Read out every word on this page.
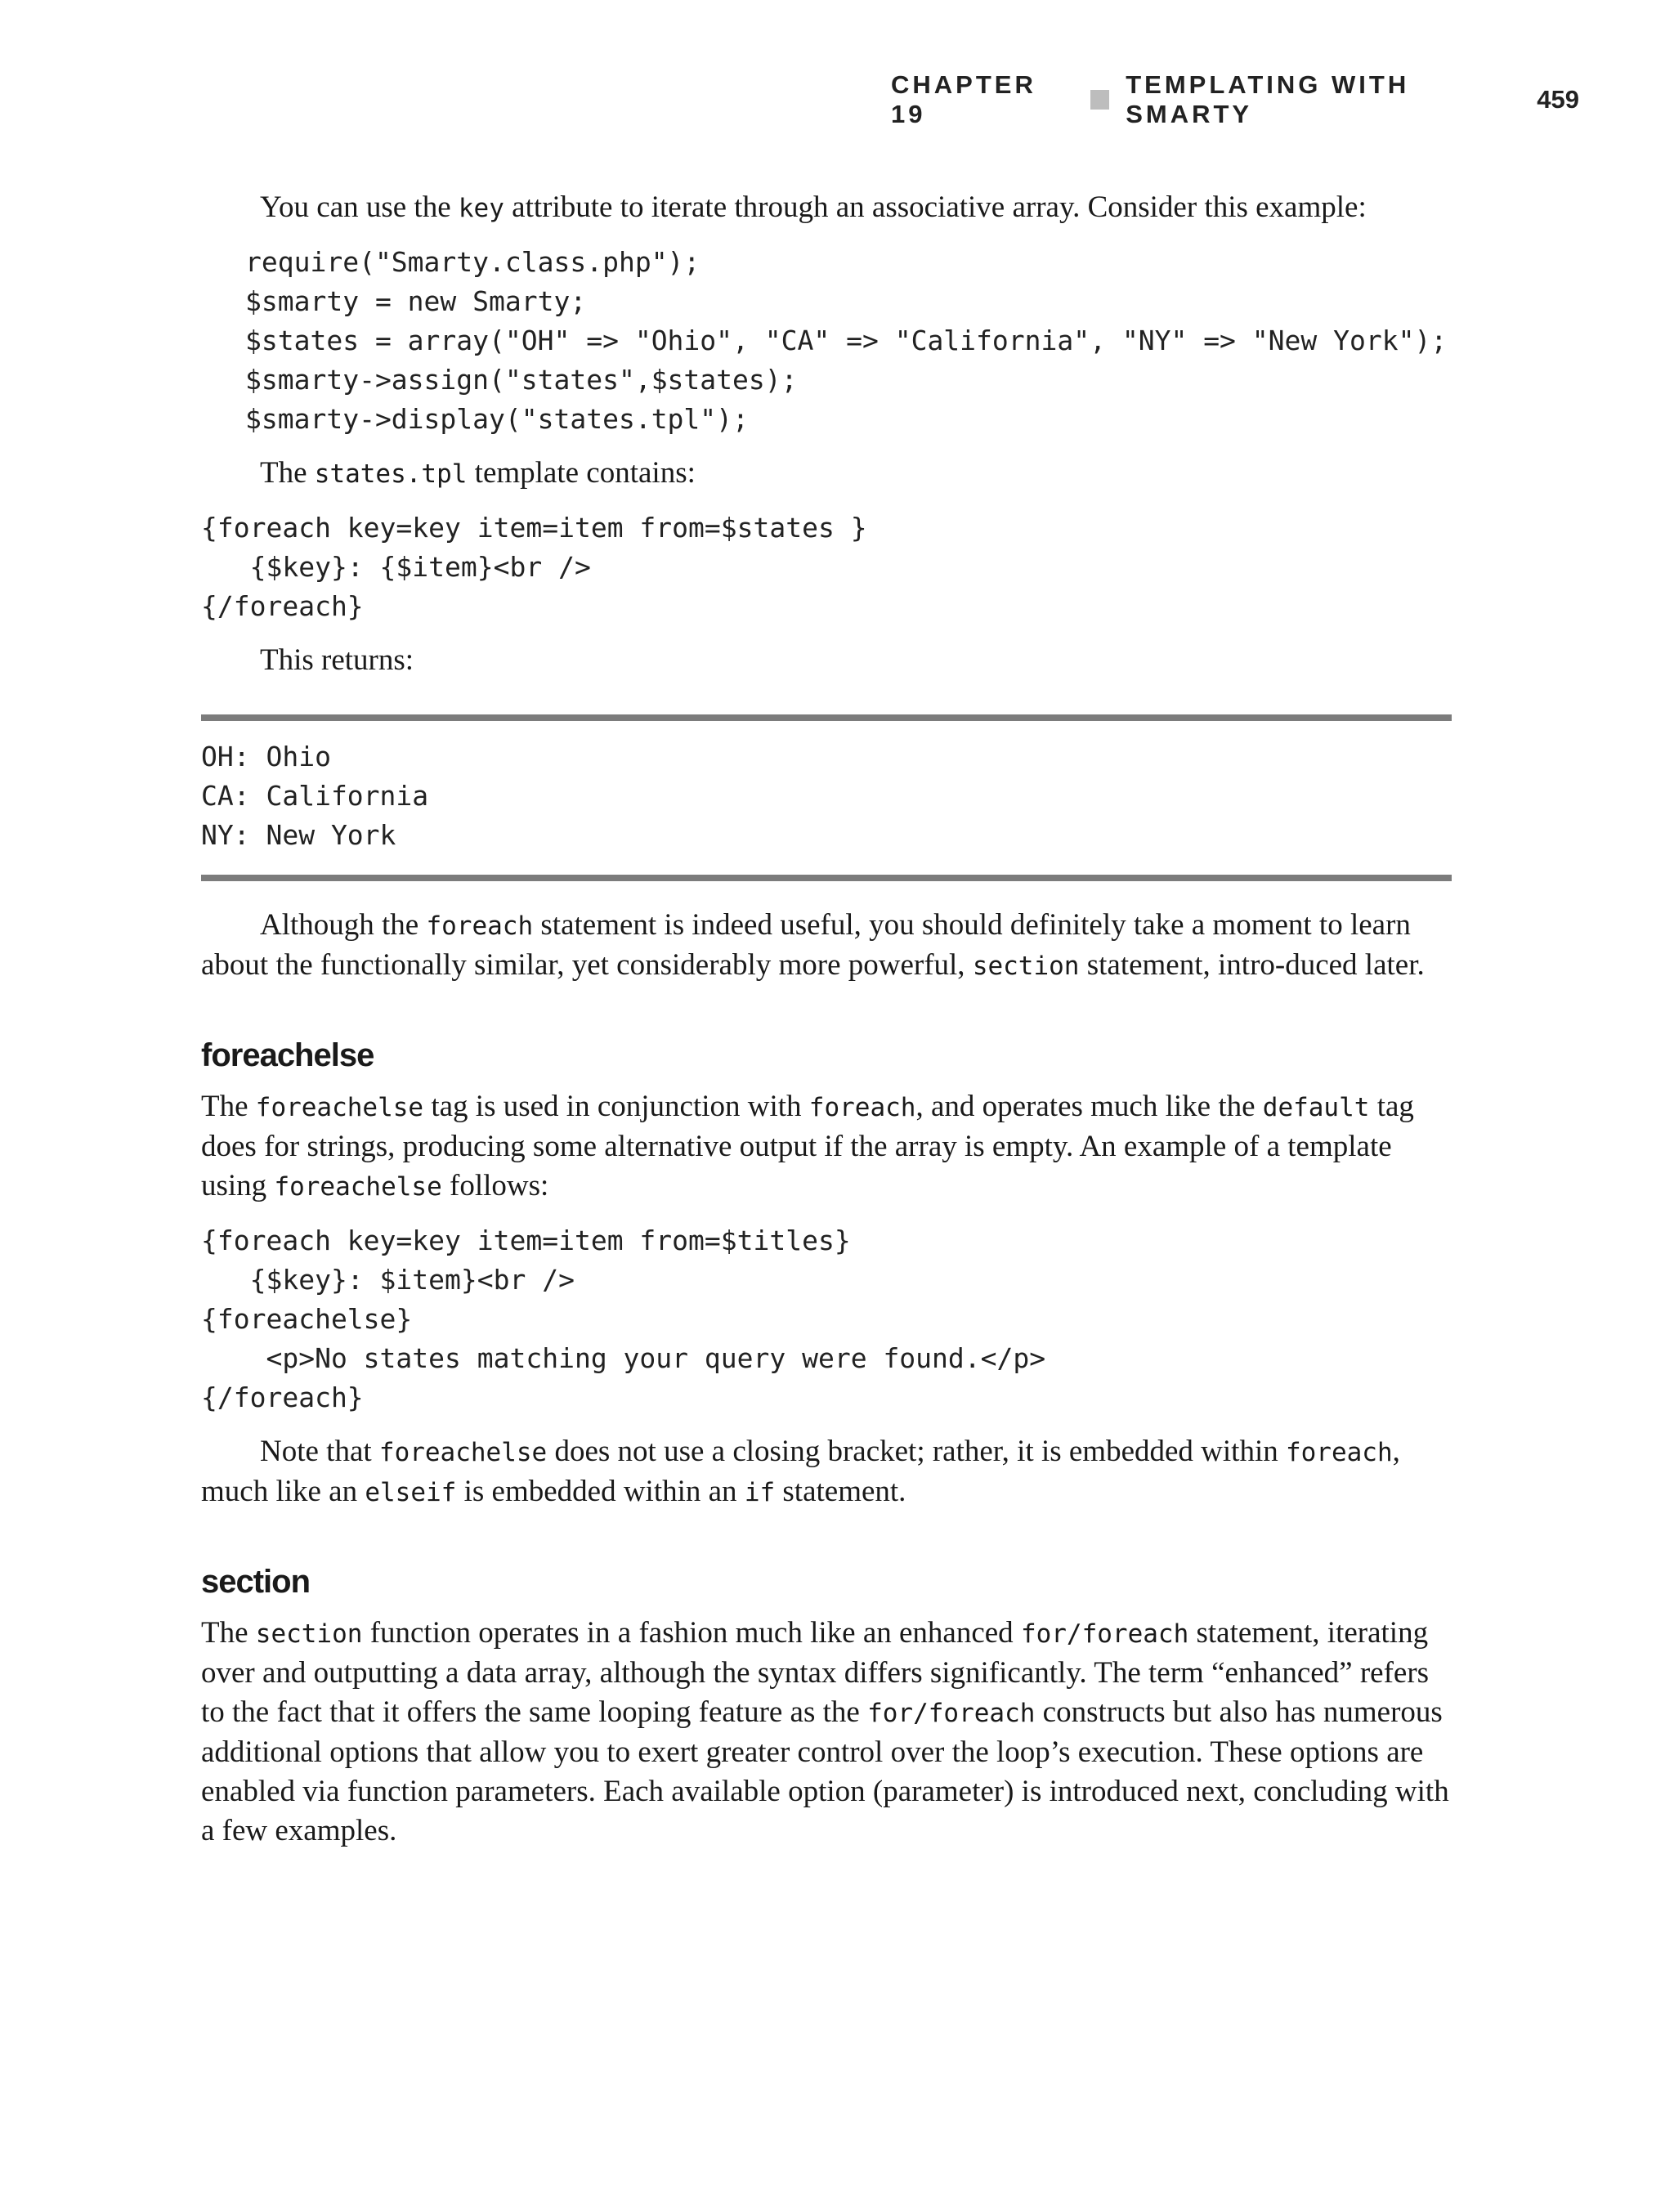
CHAPTER 19
TEMPLATING WITH SMARTY
459

You can use the key attribute to iterate through an associative array. Consider this example:

require("Smarty.class.php");
$smarty = new Smarty;
$states = array("OH" => "Ohio", "CA" => "California", "NY" => "New York");
$smarty->assign("states",$states);
$smarty->display("states.tpl");

The states.tpl template contains:

{foreach key=key item=item from=$states }
{$key}: {$item}<br />
{/foreach}

This returns:

OH: Ohio
CA: California
NY: New York

Although the foreach statement is indeed useful, you should definitely take a moment to learn about the functionally similar, yet considerably more powerful, section statement, intro-duced later.

foreachelse

The foreachelse tag is used in conjunction with foreach, and operates much like the default tag does for strings, producing some alternative output if the array is empty. An example of a template using foreachelse follows:

{foreach key=key item=item from=$titles}
{$key}: $item}<br />
{foreachelse}
<p>No states matching your query were found.</p>
{/foreach}

Note that foreachelse does not use a closing bracket; rather, it is embedded within foreach, much like an elseif is embedded within an if statement.

section

The section function operates in a fashion much like an enhanced for/foreach statement, iterating over and outputting a data array, although the syntax differs significantly. The term “enhanced” refers to the fact that it offers the same looping feature as the for/foreach constructs but also has numerous additional options that allow you to exert greater control over the loop’s execution. These options are enabled via function parameters. Each available option (parameter) is introduced next, concluding with a few examples.
